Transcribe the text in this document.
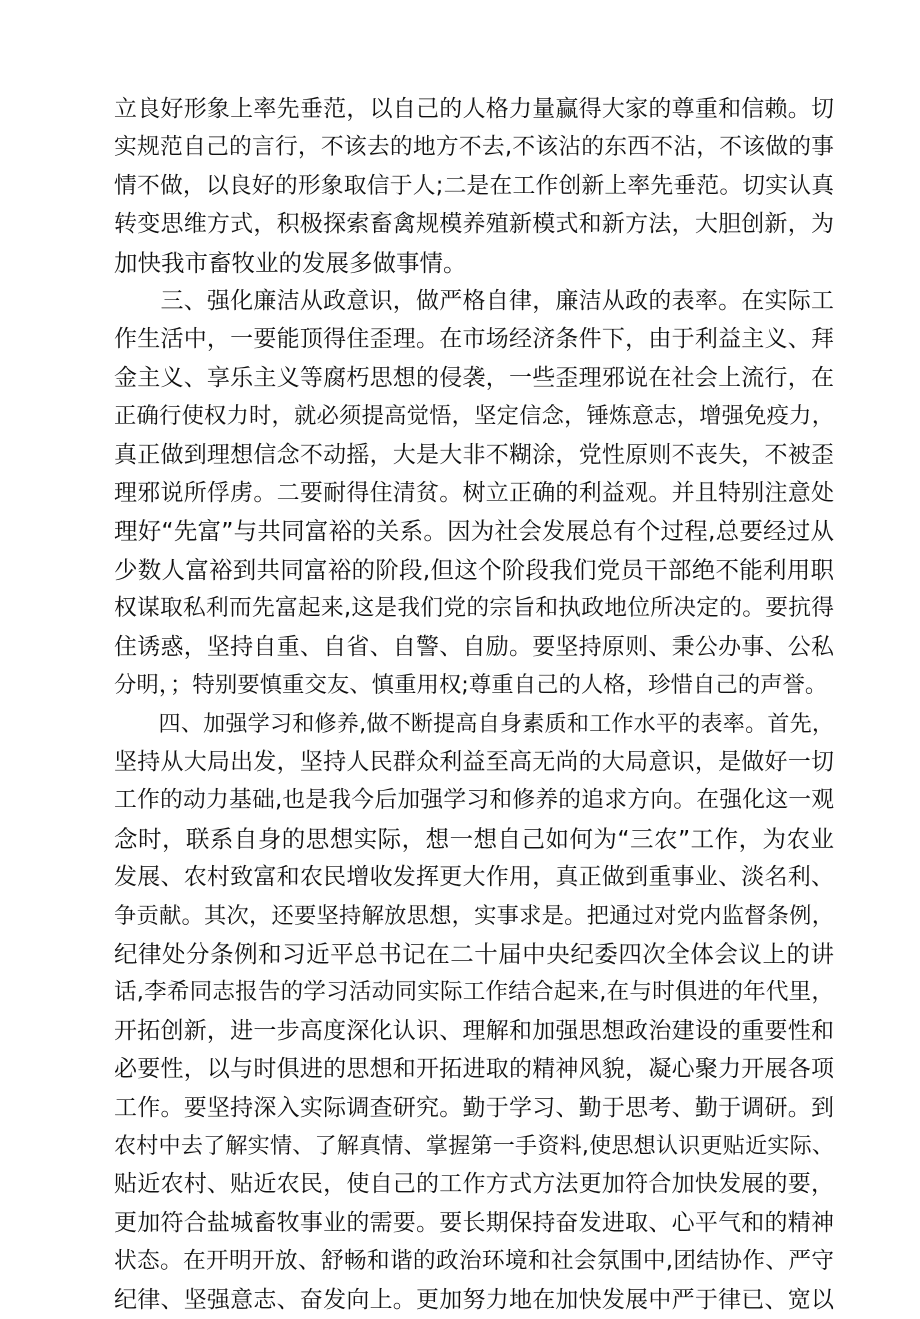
立良好形象上率先垂范，以自己的人格力量赢得大家的尊重和信赖。切
实规范自己的言行，不该去的地方不去,不该沾的东西不沾，不该做的事
情不做，以良好的形象取信于人;二是在工作创新上率先垂范。切实认真
转变思维方式，积极探索畜禽规模养殖新模式和新方法，大胆创新，为
加快我市畜牧业的发展多做事情。

　　三、强化廉洁从政意识，做严格自律，廉洁从政的表率。在实际工
作生活中，一要能顶得住歪理。在市场经济条件下，由于利益主义、拜
金主义、享乐主义等腐朽思想的侵袭，一些歪理邪说在社会上流行，在
正确行使权力时，就必须提高觉悟，坚定信念，锤炼意志，增强免疫力，
真正做到理想信念不动摇，大是大非不糊涂，党性原则不丧失，不被歪
理邪说所俘虏。二要耐得住清贫。树立正确的利益观。并且特别注意处
理好“先富”与共同富裕的关系。因为社会发展总有个过程,总要经过从
少数人富裕到共同富裕的阶段,但这个阶段我们党员干部绝不能利用职
权谋取私利而先富起来,这是我们党的宗旨和执政地位所决定的。要抗得
住诱惑，坚持自重、自省、自警、自励。要坚持原则、秉公办事、公私
分明，；特别要慎重交友、慎重用权;尊重自己的人格，珍惜自己的声誉。

　　四、加强学习和修养,做不断提高自身素质和工作水平的表率。首先，
坚持从大局出发，坚持人民群众利益至高无尚的大局意识，是做好一切
工作的动力基础,也是我今后加强学习和修养的追求方向。在强化这一观
念时，联系自身的思想实际，想一想自己如何为“三农”工作，为农业
发展、农村致富和农民增收发挥更大作用，真正做到重事业、淡名利、
争贡献。其次，还要坚持解放思想，实事求是。把通过对党内监督条例，
纪律处分条例和习近平总书记在二十届中央纪委四次全体会议上的讲
话,李希同志报告的学习活动同实际工作结合起来,在与时俱进的年代里，
开拓创新，进一步高度深化认识、理解和加强思想政治建设的重要性和
必要性，以与时俱进的思想和开拓进取的精神风貌，凝心聚力开展各项
工作。要坚持深入实际调查研究。勤于学习、勤于思考、勤于调研。到
农村中去了解实情、了解真情、掌握第一手资料,使思想认识更贴近实际、
贴近农村、贴近农民，使自己的工作方式方法更加符合加快发展的要，
更加符合盐城畜牧事业的需要。要长期保持奋发进取、心平气和的精神
状态。在开明开放、舒畅和谐的政治环境和社会氛围中,团结协作、严守
纪律、坚强意志、奋发向上。更加努力地在加快发展中严于律已、宽以
